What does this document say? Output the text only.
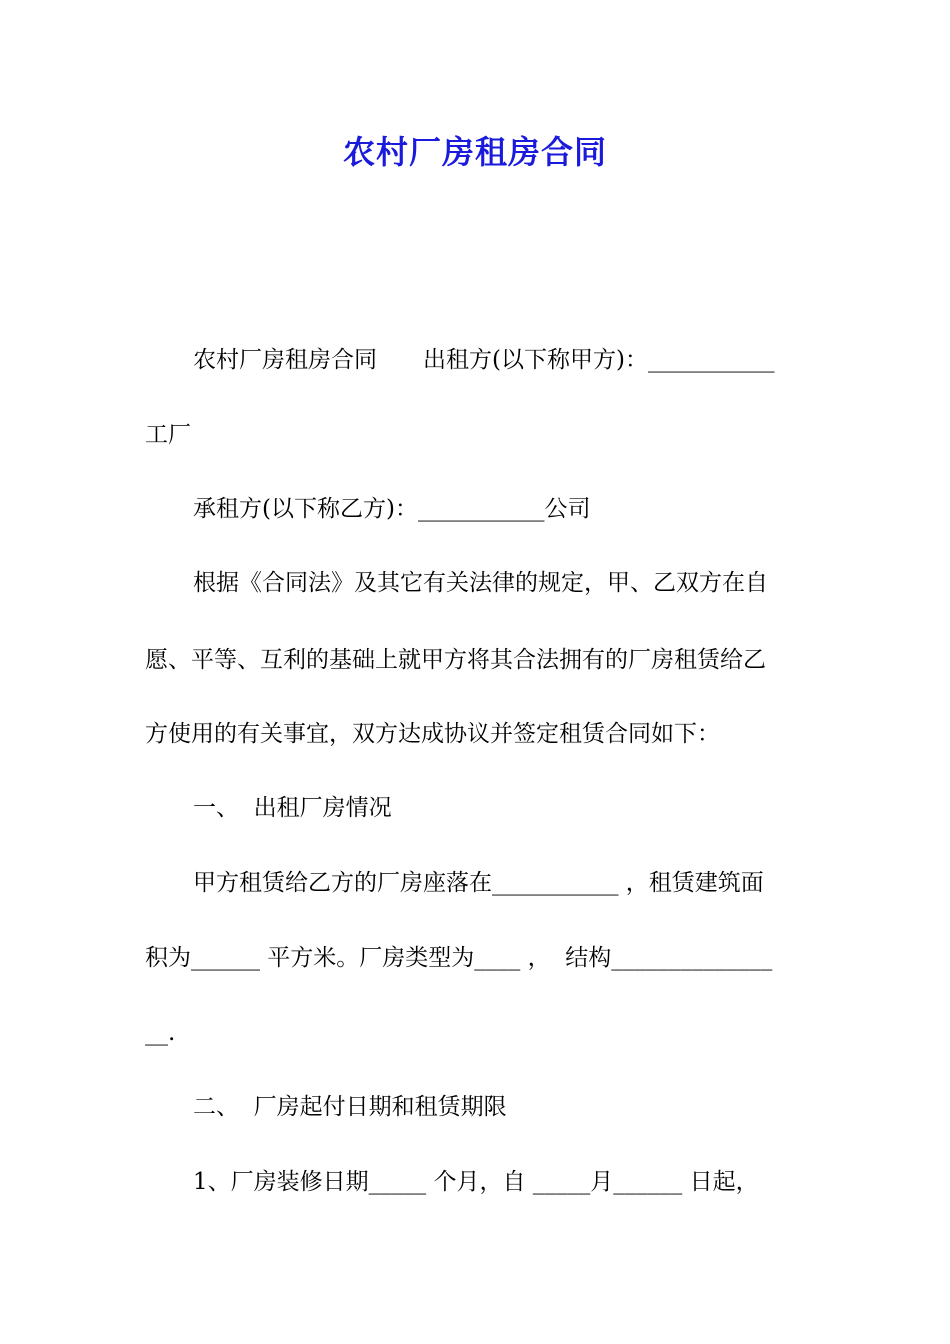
农村厂房租房合同
农村厂房租房合同　　出租方(以下称甲方)：___________
工厂
承租方(以下称乙方)：___________公司
根据《合同法》及其它有关法律的规定，甲、乙双方在自
愿、平等、互利的基础上就甲方将其合法拥有的厂房租赁给乙
方使用的有关事宜，双方达成协议并签定租赁合同如下：
一、  出租厂房情况
甲方租赁给乙方的厂房座落在___________ ，租赁建筑面
积为______ 平方米。厂房类型为____ ，  结构______________
__.
二、  厂房起付日期和租赁期限
1、厂房装修日期_____ 个月，自 _____月______ 日起，
